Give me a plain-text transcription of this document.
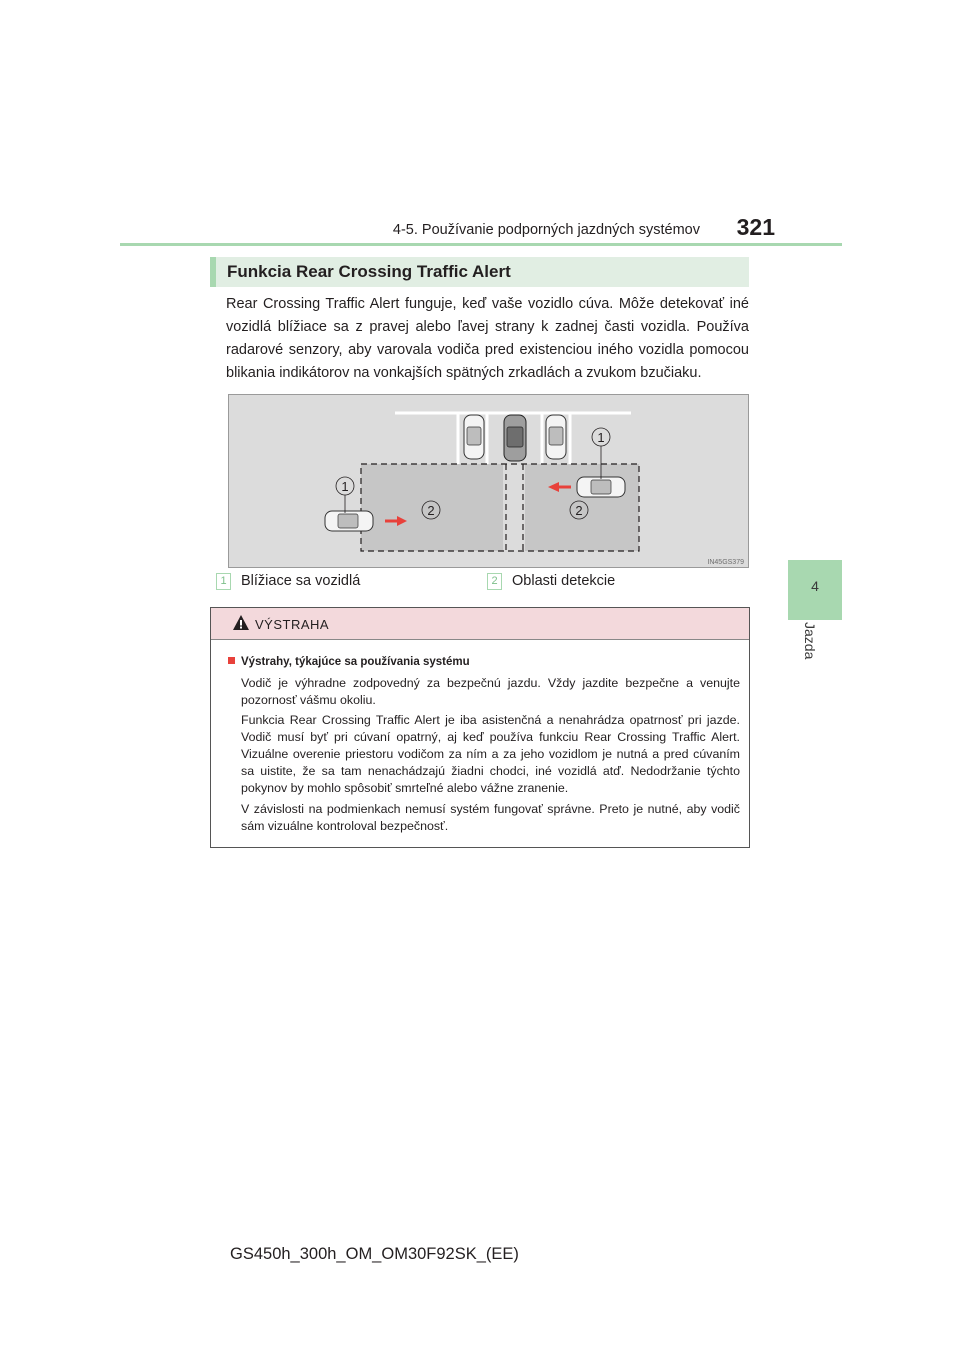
4-5. Používanie podporných jazdných systémov	321
4
Jazda
Funkcia Rear Crossing Traffic Alert
Rear Crossing Traffic Alert funguje, keď vaše vozidlo cúva. Môže detekovať iné vozidlá blížiace sa z pravej alebo ľavej strany k zadnej časti vozidla. Používa radarové senzory, aby varovala vodiča pred existenciou iného vozidla pomocou blikania indikátorov na vonkajších spätných zrkadlách a zvukom bzučiaku.
1
1
2	2
IN45GS379
1 Blížiace sa vozidlá	2 Oblasti detekcie
VÝSTRAHA
Výstrahy, týkajúce sa používania systému
Vodič je výhradne zodpovedný za bezpečnú jazdu. Vždy jazdite bezpečne a venujte pozornosť vášmu okoliu.
Funkcia Rear Crossing Traffic Alert je iba asistenčná a nenahrádza opatrnosť pri jazde. Vodič musí byť pri cúvaní opatrný, aj keď používa funkciu Rear Crossing Traffic Alert. Vizuálne overenie priestoru vodičom za ním a za jeho vozidlom je nutná a pred cúvaním sa uistite, že sa tam nenachádzajú žiadni chodci, iné vozidlá atď. Nedodržanie týchto pokynov by mohlo spôsobiť smrteľné alebo vážne zranenie.
V závislosti na podmienkach nemusí systém fungovať správne. Preto je nutné, aby vodič sám vizuálne kontroloval bezpečnosť.
GS450h_300h_OM_OM30F92SK_(EE)
